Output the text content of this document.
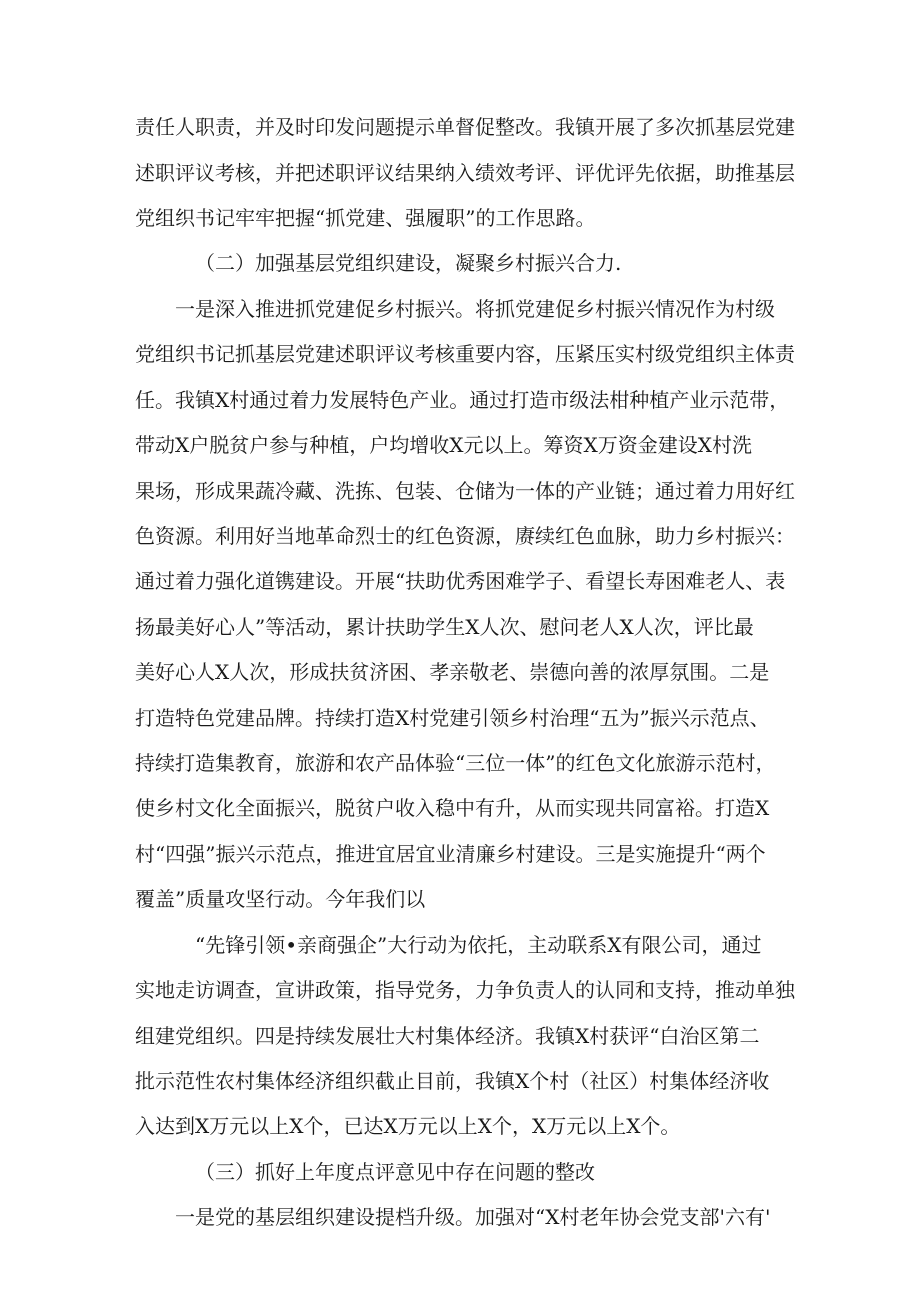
责任人职责，并及时印发问题提示单督促整改。我镇开展了多次抓基层党建
述职评议考核，并把述职评议结果纳入绩效考评、评优评先依据，助推基层
党组织书记牢牢把握“抓党建、强履职”的工作思路。
（二）加强基层党组织建设，凝聚乡村振兴合力.
一是深入推进抓党建促乡村振兴。将抓党建促乡村振兴情况作为村级
党组织书记抓基层党建述职评议考核重要内容，压紧压实村级党组织主体责
任。我镇X村通过着力发展特色产业。通过打造市级法柑种植产业示范带，
带动X户脱贫户参与种植，户均增收X元以上。筹资X万资金建设X村洗
果场，形成果蔬冷藏、洗拣、包装、仓储为一体的产业链；通过着力用好红
色资源。利用好当地革命烈士的红色资源，赓续红色血脉，助力乡村振兴：
通过着力强化道镌建设。开展“扶助优秀困难学子、看望长寿困难老人、表
扬最美好心人”等活动，累计扶助学生X人次、慰问老人X人次，评比最
美好心人X人次，形成扶贫济困、孝亲敬老、崇德向善的浓厚氛围。二是
打造特色党建品牌。持续打造X村党建引领乡村治理“五为”振兴示范点、
持续打造集教育，旅游和农产品体验“三位一体”的红色文化旅游示范村，
使乡村文化全面振兴，脱贫户收入稳中有升，从而实现共同富裕。打造X
村“四强”振兴示范点，推进宜居宜业清廉乡村建设。三是实施提升“两个
覆盖”质量攻坚行动。今年我们以
“先锋引领•亲商强企”大行动为依托，主动联系X有限公司，通过
实地走访调查，宣讲政策，指导党务，力争负责人的认同和支持，推动单独
组建党组织。四是持续发展壮大村集体经济。我镇X村获评“白治区第二
批示范性农村集体经济组织截止目前，我镇X个村（社区）村集体经济收
入达到X万元以上X个，已达X万元以上X个，X万元以上X个。
（三）抓好上年度点评意见中存在问题的整改
一是党的基层组织建设提档升级。加强对“X村老年协会党支部'六有'
